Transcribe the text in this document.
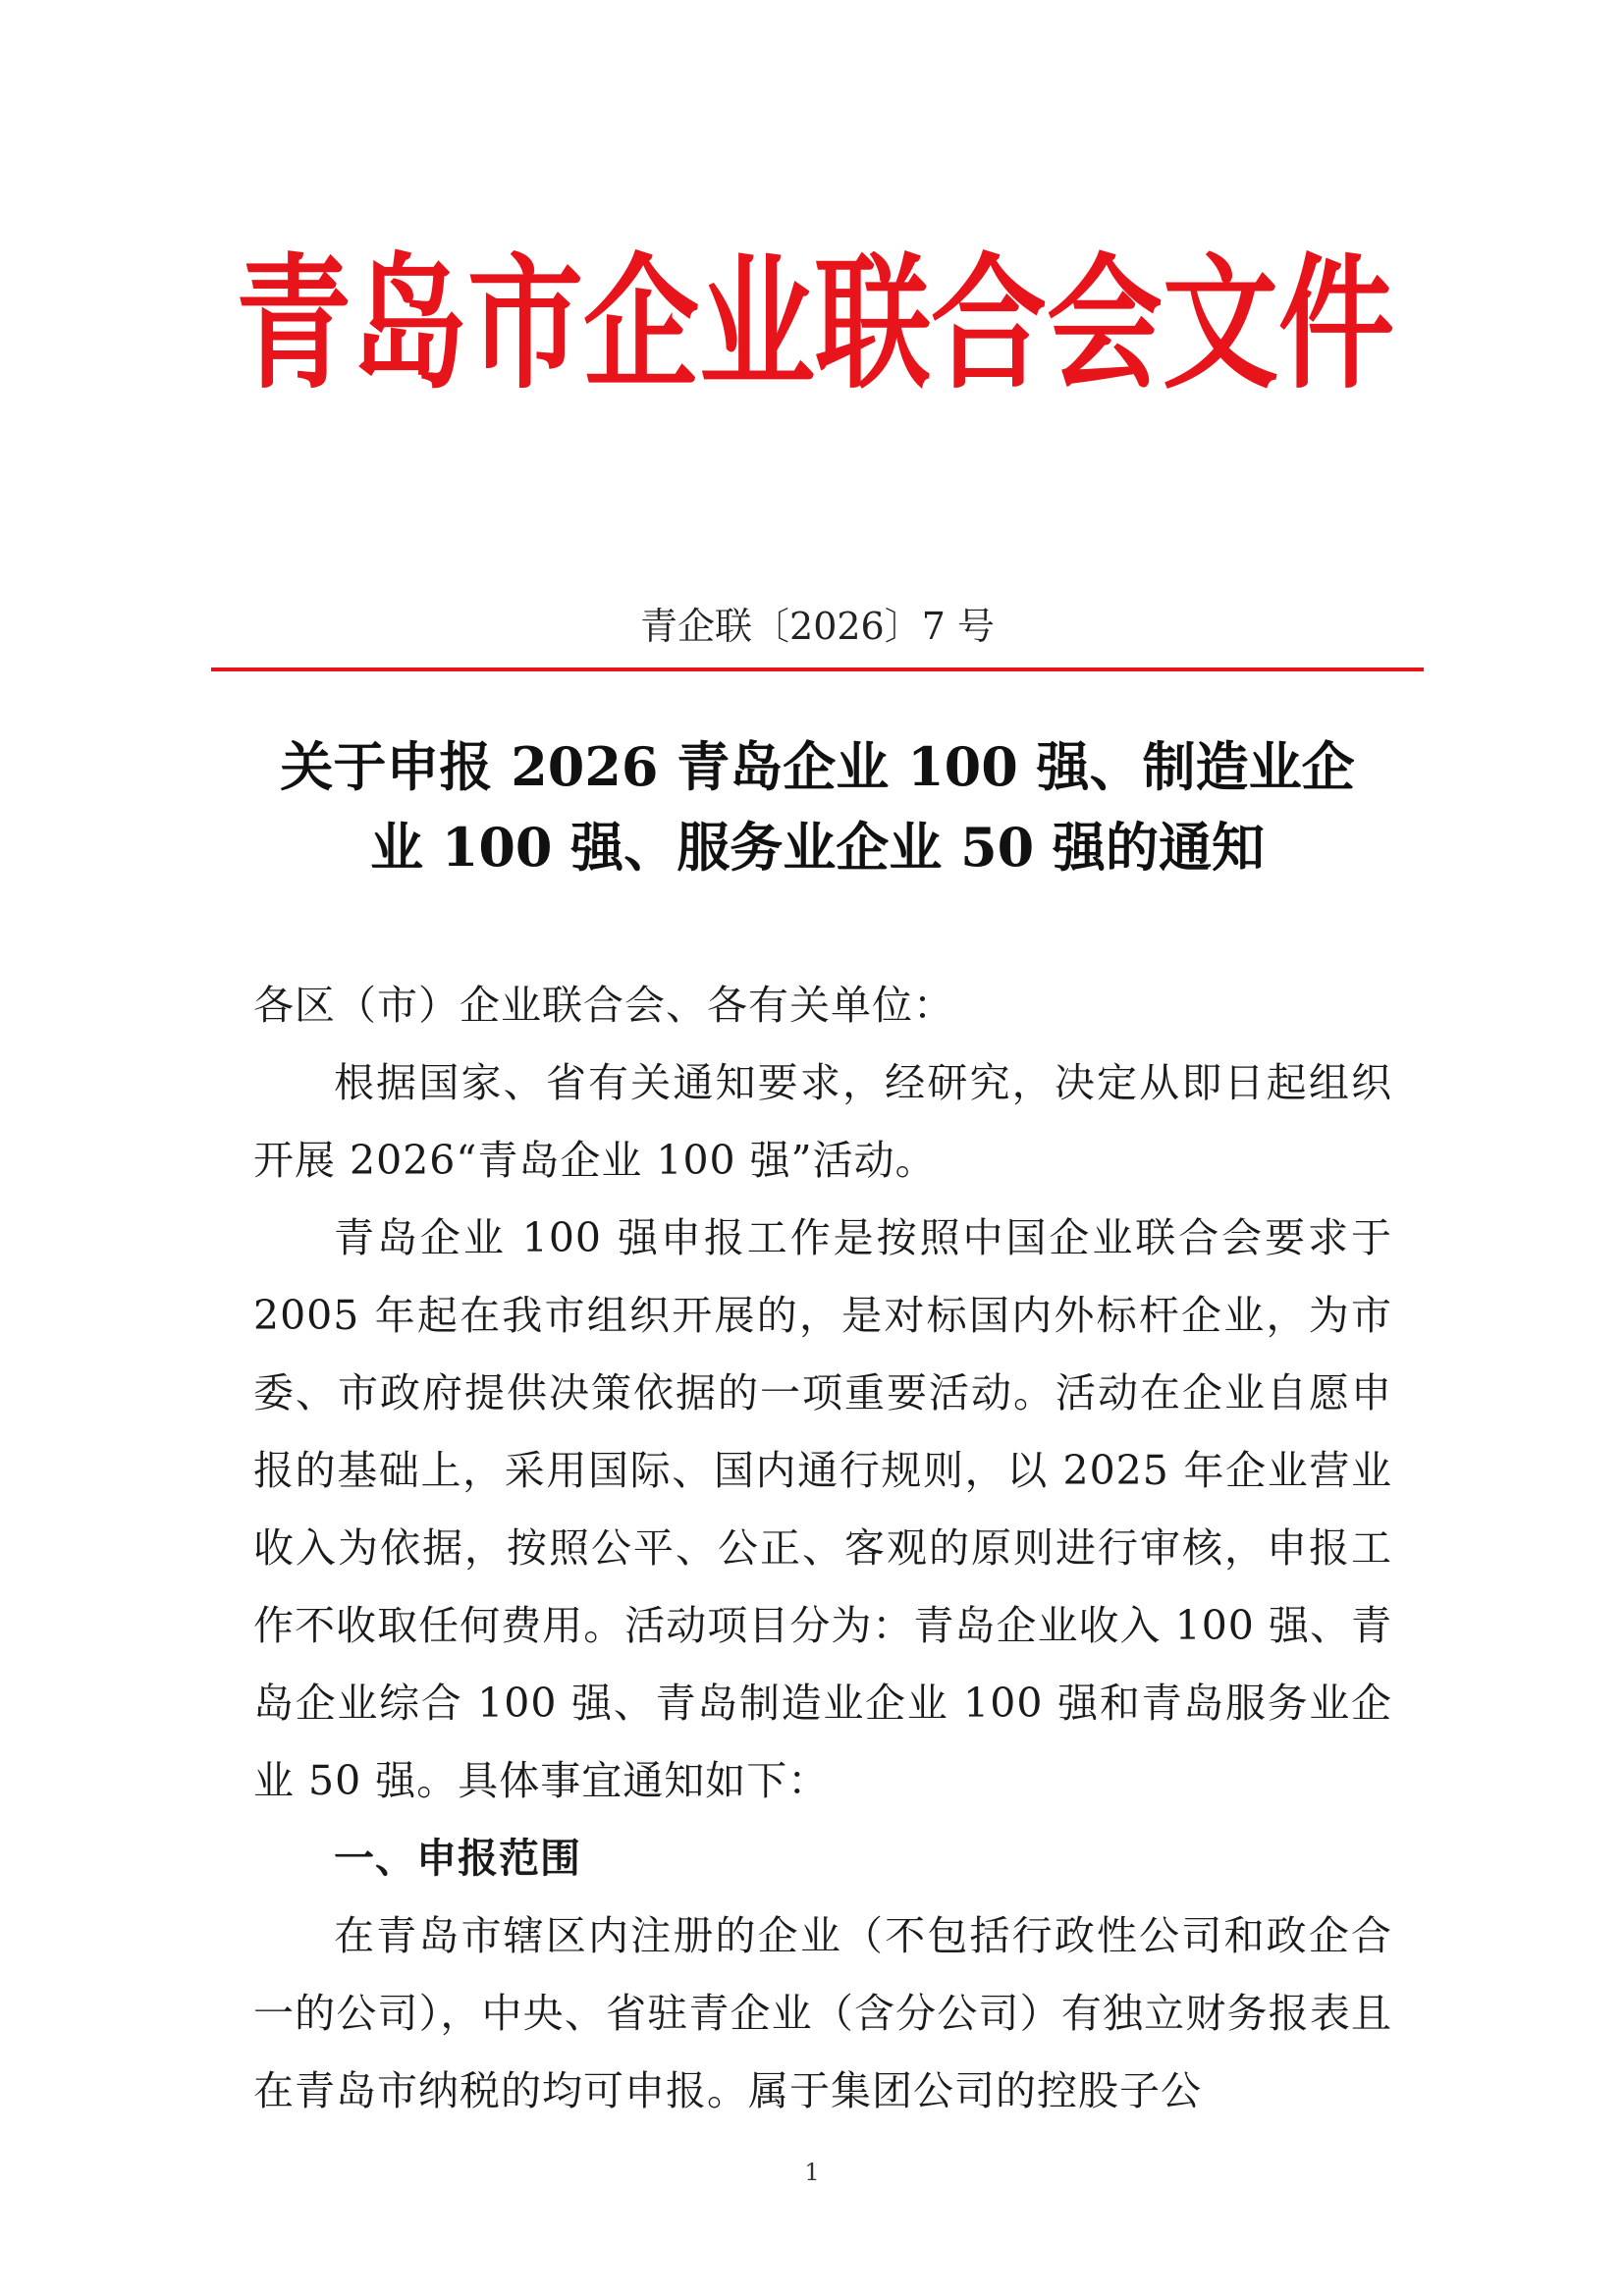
青岛市企业联合会文件
青企联〔2026〕7 号
关于申报 2026 青岛企业 100 强、制造业企
业 100 强、服务业企业 50 强的通知

各区（市）企业联合会、各有关单位：

根据国家、省有关通知要求，经研究，决定从即日起组织开展 2026“青岛企业 100 强”活动。

青岛企业 100 强申报工作是按照中国企业联合会要求于 2005 年起在我市组织开展的，是对标国内外标杆企业，为市委、市政府提供决策依据的一项重要活动。活动在企业自愿申报的基础上，采用国际、国内通行规则，以 2025 年企业营业收入为依据，按照公平、公正、客观的原则进行审核，申报工作不收取任何费用。活动项目分为：青岛企业收入 100 强、青岛企业综合 100 强、青岛制造业企业 100 强和青岛服务业企业 50 强。具体事宜通知如下：

一、申报范围

在青岛市辖区内注册的企业（不包括行政性公司和政企合一的公司），中央、省驻青企业（含分公司）有独立财务报表且在青岛市纳税的均可申报。属于集团公司的控股子公

1
